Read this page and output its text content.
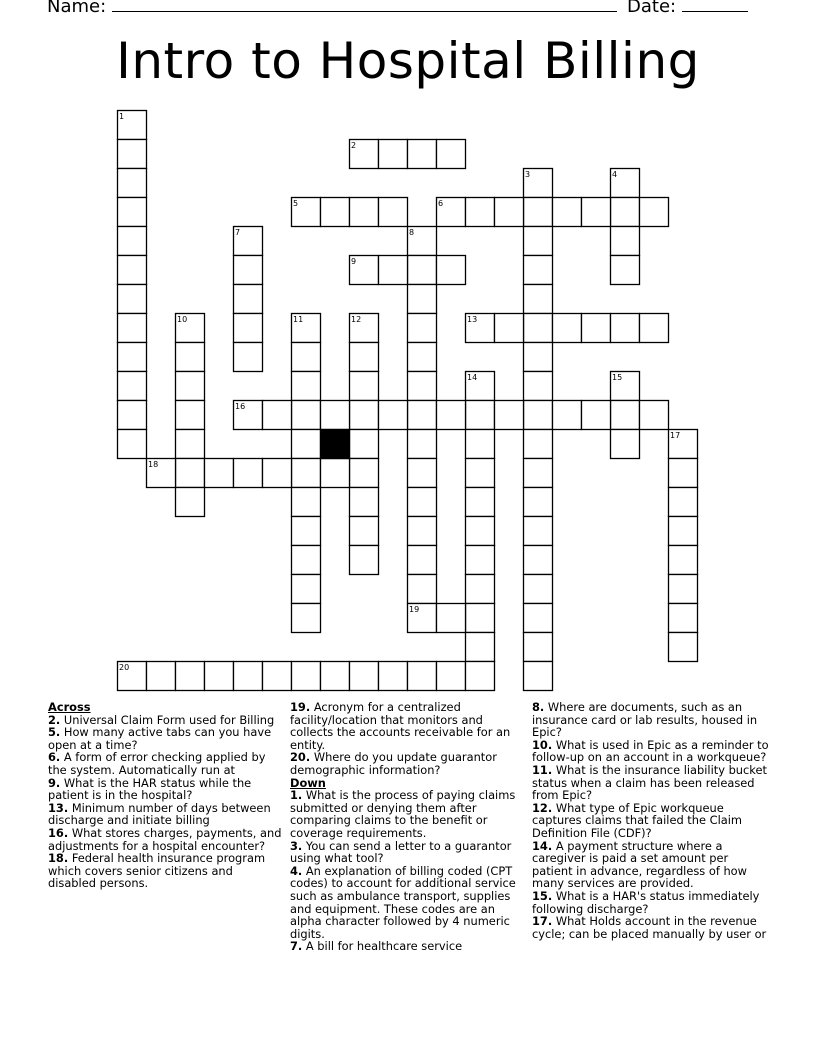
Name:	Date:
Intro to Hospital Billing
1
2
3	4
5	6
7	8
9
10	11	12	13
14	15
16
17
18
19
20

Across

2. Universal Claim Form used for Billing

5. How many active tabs can you have open at a time?

6. A form of error checking applied by the system. Automatically run at

9. What is the HAR status while the patient is in the hospital?

13. Minimum number of days between discharge and initiate billing

16. What stores charges, payments, and adjustments for a hospital encounter?

18. Federal health insurance program which covers senior citizens and disabled persons.

19. Acronym for a centralized facility/location that monitors and collects the accounts receivable for an entity.

20. Where do you update guarantor demographic information?

Down

1. What is the process of paying claims submitted or denying them after comparing claims to the benefit or coverage requirements.

3. You can send a letter to a guarantor using what tool?

4. An explanation of billing coded (CPT codes) to account for additional service such as ambulance transport, supplies and equipment. These codes are an alpha character followed by 4 numeric digits.

7. A bill for healthcare service

8. Where are documents, such as an insurance card or lab results, housed in Epic?

10. What is used in Epic as a reminder to follow-up on an account in a workqueue?

11. What is the insurance liability bucket status when a claim has been released from Epic?

12. What type of Epic workqueue captures claims that failed the Claim Definition File (CDF)?

14. A payment structure where a caregiver is paid a set amount per patient in advance, regardless of how many services are provided.

15. What is a HAR's status immediately following discharge?

17. What Holds account in the revenue cycle; can be placed manually by user or
